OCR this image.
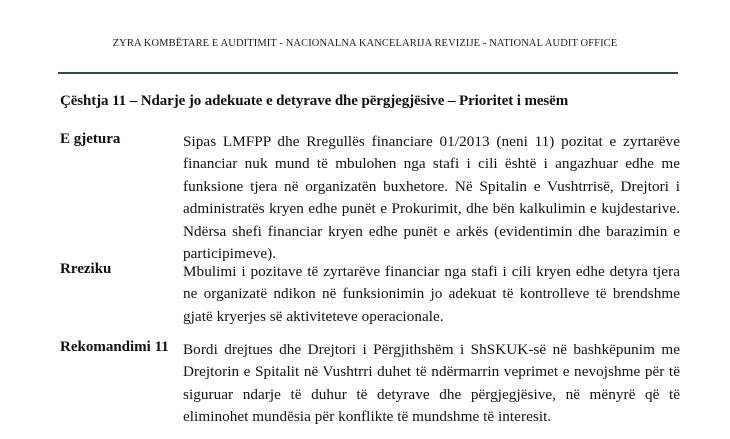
ZYRA KOMBËTARE E AUDITIMIT - NACIONALNA KANCELARIJA REVIZIJE - NATIONAL AUDIT OFFICE
Çështja 11 – Ndarje jo adekuate e detyrave dhe përgjegjësive – Prioritet i mesëm
E gjetura	Sipas LMFPP dhe Rregullës financiare 01/2013 (neni 11) pozitat e zyrtarëve financiar nuk mund të mbulohen nga stafi i cili është i angazhuar edhe me funksione tjera në organizatën buxhetore. Në Spitalin e Vushtrrisë, Drejtori i administratës kryen edhe punët e Prokurimit, dhe bën kalkulimin e kujdestarive. Ndërsa shefi financiar kryen edhe punët e arkës (evidentimin dhe barazimin e participimeve).
Rreziku	Mbulimi i pozitave të zyrtarëve financiar nga stafi i cili kryen edhe detyra tjera ne organizatë ndikon në funksionimin jo adekuat të kontrolleve të brendshme gjatë kryerjes së aktiviteteve operacionale.
Rekomandimi 11 Bordi drejtues dhe Drejtori i Përgjithshëm i ShSKUK-së në bashkëpunim me Drejtorin e Spitalit në Vushtrri duhet të ndërmarrin veprimet e nevojshme për të siguruar ndarje të duhur të detyrave dhe përgjegjësive, në mënyrë që të eliminohet mundësia për konflikte të mundshme të interesit.
